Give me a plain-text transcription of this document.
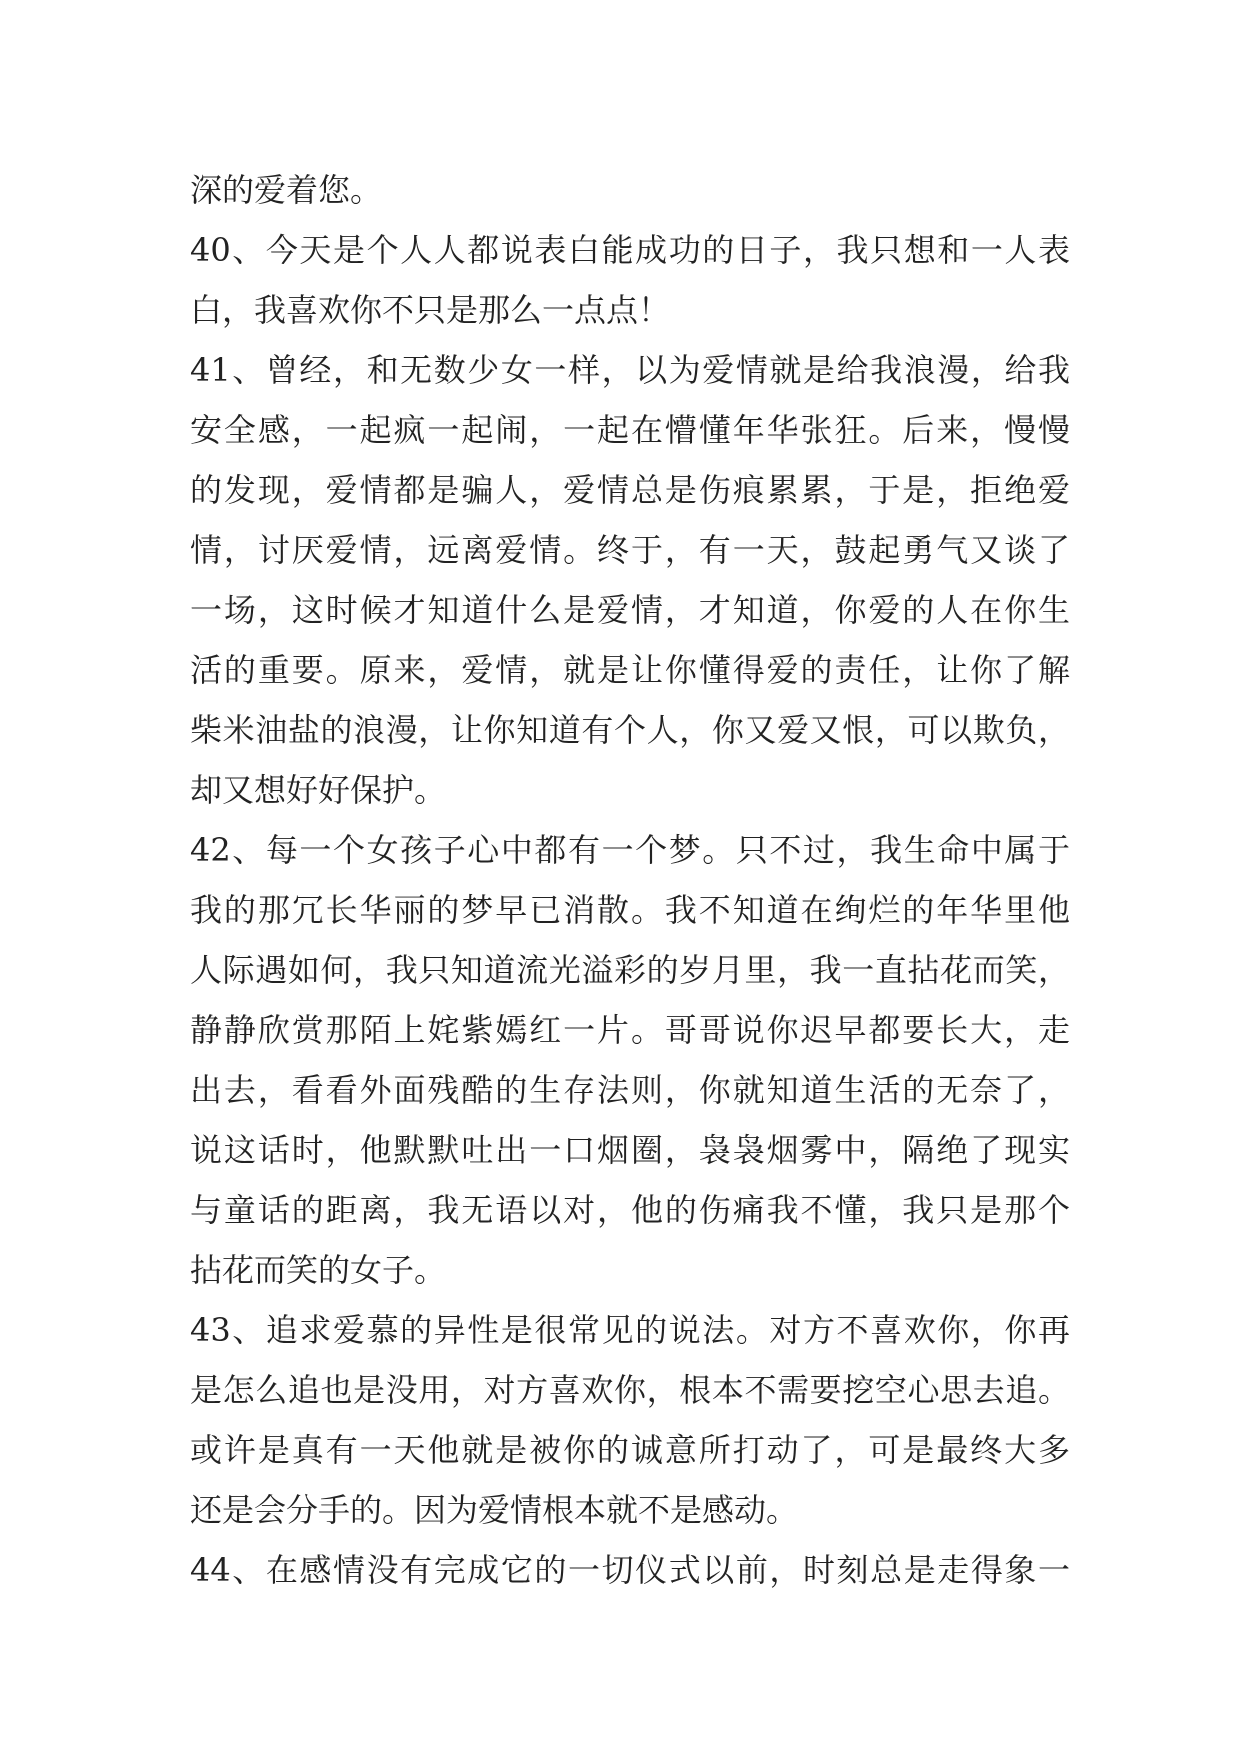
深的爱着您。
40、今天是个人人都说表白能成功的日子，我只想和一人表
白，我喜欢你不只是那么一点点！
41、曾经，和无数少女一样，以为爱情就是给我浪漫，给我
安全感，一起疯一起闹，一起在懵懂年华张狂。后来，慢慢
的发现，爱情都是骗人，爱情总是伤痕累累，于是，拒绝爱
情，讨厌爱情，远离爱情。终于，有一天，鼓起勇气又谈了
一场，这时候才知道什么是爱情，才知道，你爱的人在你生
活的重要。原来，爱情，就是让你懂得爱的责任，让你了解
柴米油盐的浪漫，让你知道有个人，你又爱又恨，可以欺负，
却又想好好保护。
42、每一个女孩子心中都有一个梦。只不过，我生命中属于
我的那冗长华丽的梦早已消散。我不知道在绚烂的年华里他
人际遇如何，我只知道流光溢彩的岁月里，我一直拈花而笑，
静静欣赏那陌上姹紫嫣红一片。哥哥说你迟早都要长大，走
出去，看看外面残酷的生存法则，你就知道生活的无奈了，
说这话时，他默默吐出一口烟圈，袅袅烟雾中，隔绝了现实
与童话的距离，我无语以对，他的伤痛我不懂，我只是那个
拈花而笑的女子。
43、追求爱慕的异性是很常见的说法。对方不喜欢你，你再
是怎么追也是没用，对方喜欢你，根本不需要挖空心思去追。
或许是真有一天他就是被你的诚意所打动了，可是最终大多
还是会分手的。因为爱情根本就不是感动。
44、在感情没有完成它的一切仪式以前，时刻总是走得象一
